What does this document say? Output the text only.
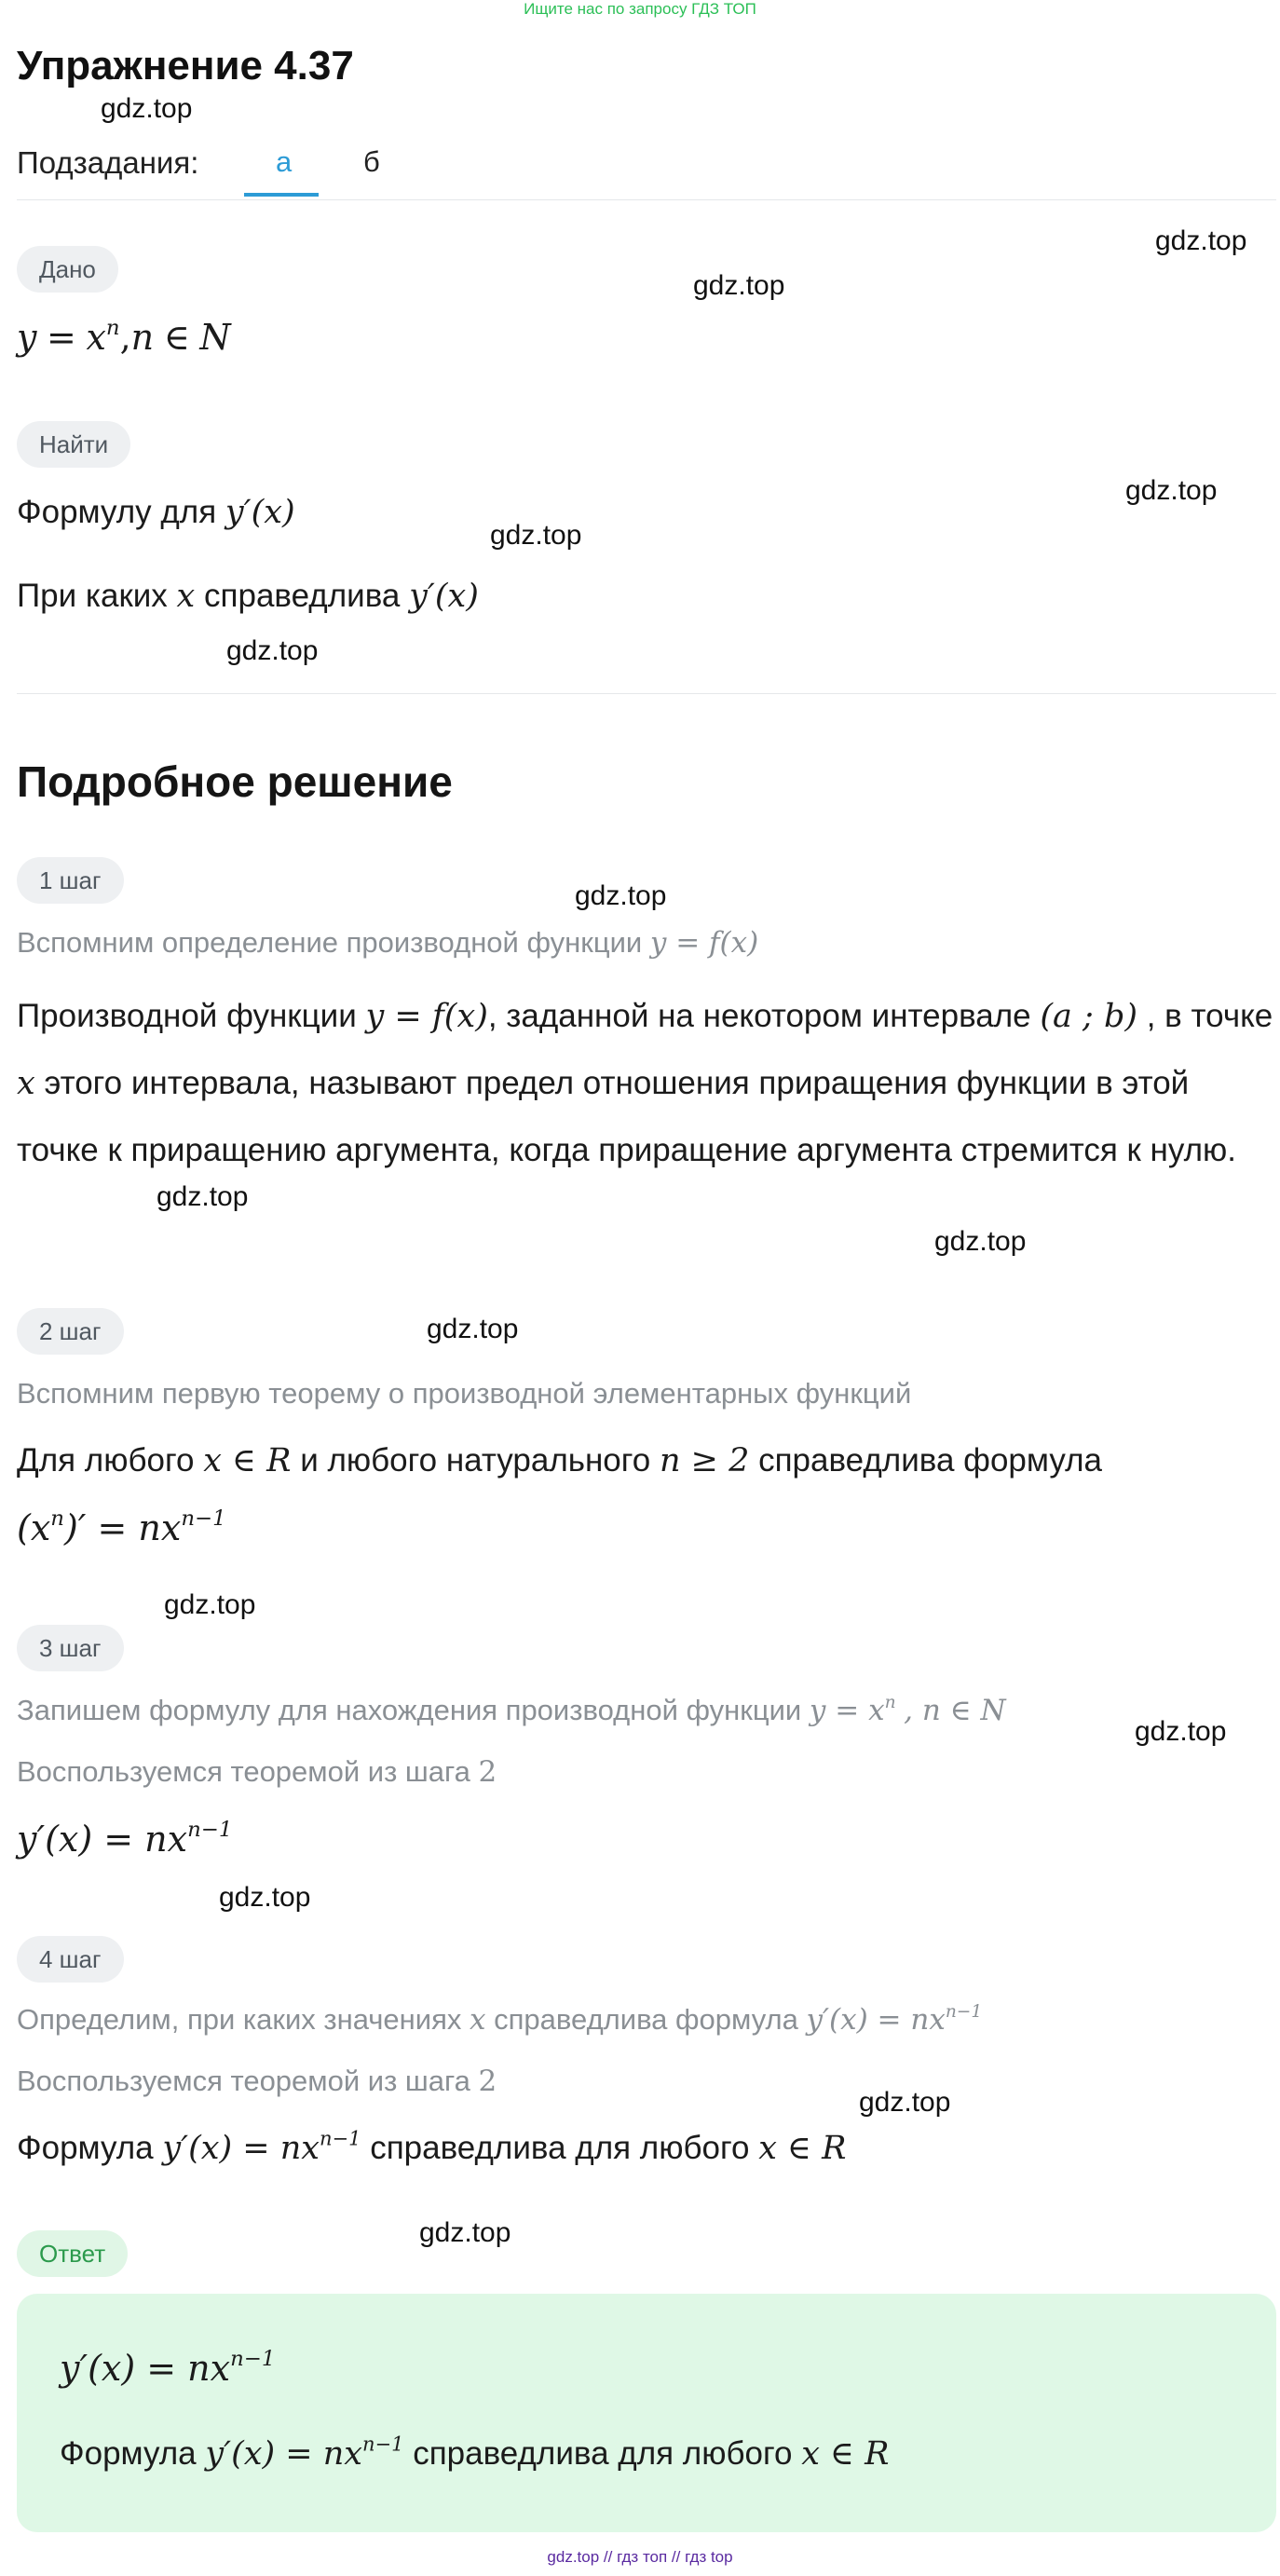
Ищите нас по запросу ГДЗ ТОП
Упражнение 4.37
gdz.top
gdz.top
gdz.top
gdz.top
gdz.top
gdz.top
gdz.top
gdz.top
gdz.top
gdz.top
gdz.top
gdz.top
gdz.top
gdz.top
gdz.top
Подзадания:	а б
Дано
$y = x^n,n$ ∈ N
Найти
Формулу для y′(x)
При каких x справедлива y′(x)
Подробное решение
1 шаг
Вспомним определение производной функции y = f(x)
Производной функции y = f(x), заданной на некотором интервале (a ; b) , в точке x этого интервала, называют предел отношения приращения функции в этой точке к приращению аргумента, когда приращение аргумента стремится к нулю.
2 шаг
Вспомним первую теорему о производной элементарных функций
Для любого x ∈ R и любого натурального n ≥ 2 справедлива формула
$(x^n)' = nx^{n-1}$
3 шаг
Запишем формулу для нахождения производной функции $y = x^n$ , n ∈ N
Воспользуемся теоремой из шага 2
$y'(x) = nx^{n-1}$
4 шаг
Определим, при каких значениях x справедлива формула $y'(x) = nx^{n-1}$
Воспользуемся теоремой из шага 2
Формула $y'(x) = nx^{n-1}$ справедлива для любого x ∈ R
Ответ
$y'(x) = nx^{n-1}$
Формула $y'(x) = nx^{n-1}$ справедлива для любого x ∈ R
gdz.top // гдз топ // гдз top
